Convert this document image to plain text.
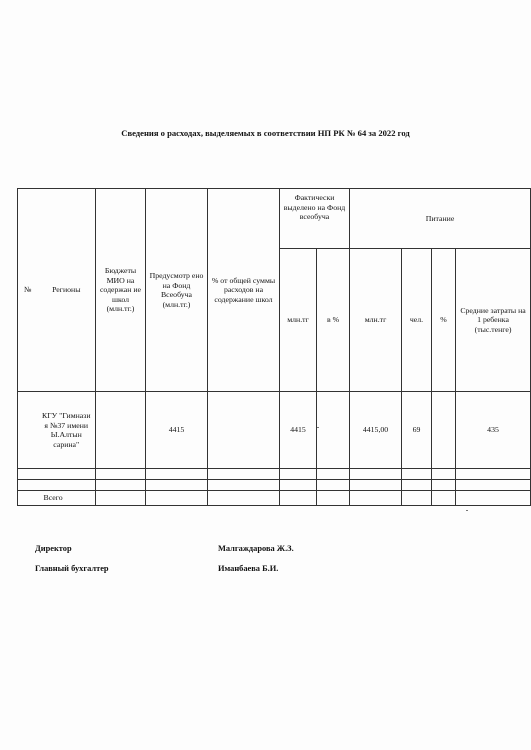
Сведения о расходах, выделяемых в соответствии НП РК № 64 за 2022 год
№	Регионы	Бюджеты МИО на содержан ие школ (млн.тг.)	Предусмотр ено на Фонд Всеобуча (млн.тг.)	% от общей суммы расходов на содержание школ	Фактически выделено на Фонд всеобуча		Питание			
					млн.тг	в %	млн.тг	чел.	%	Средние затраты на 1 ребенка (тыс.тенге)
	КГУ "Гимнази я №37 имени Ы.Алтын сарина"		4415		4415		4415,00	69		435

	Всего									
Директор	Малгаждарова Ж.З.
Главный бухгалтер	Иманбаева Б.И.
